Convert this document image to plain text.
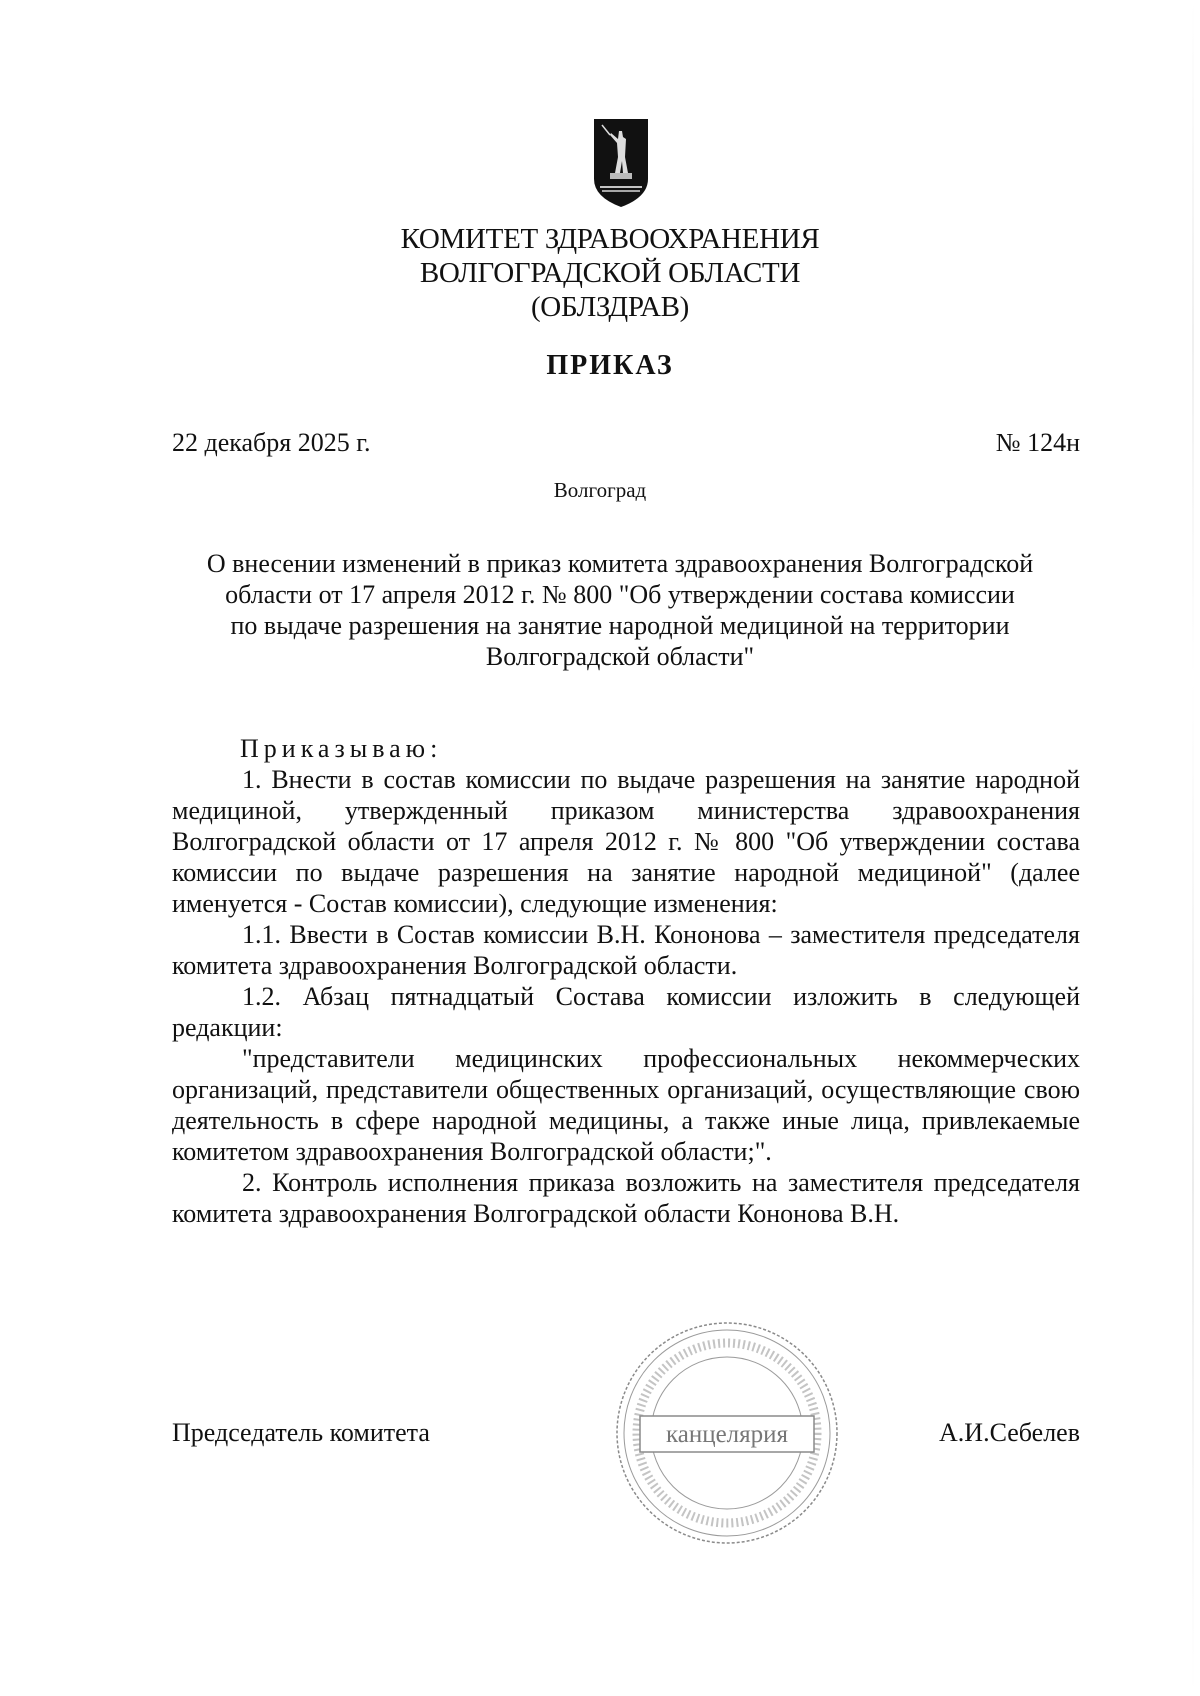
КОМИТЕТ ЗДРАВООХРАНЕНИЯ
ВОЛГОГРАДСКОЙ ОБЛАСТИ
(ОБЛЗДРАВ)
ПРИКАЗ
22 декабря 2025 г.	№ 124н
Волгоград
О внесении изменений в приказ комитета здравоохранения Волгоградской
области от 17 апреля 2012 г. № 800 "Об утверждении состава комиссии
по выдаче разрешения на занятие народной медициной на территории
Волгоградской области"
Приказываю:

1. Внести в состав комиссии по выдаче разрешения на занятие народной медициной, утвержденный приказом министерства здравоохранения Волгоградской области от 17 апреля 2012 г. № 800 "Об утверждении состава комиссии по выдаче разрешения на занятие народной медициной" (далее именуется - Состав комиссии), следующие изменения:

1.1. Ввести в Состав комиссии В.Н. Кононова – заместителя председателя комитета здравоохранения Волгоградской области.

1.2. Абзац пятнадцатый Состава комиссии изложить в следующей редакции:

"представители медицинских профессиональных некоммерческих организаций, представители общественных организаций, осуществляющие свою деятельность в сфере народной медицины, а также иные лица, привлекаемые комитетом здравоохранения Волгоградской области;".

2. Контроль исполнения приказа возложить на заместителя председателя комитета здравоохранения Волгоградской области Кононова В.Н.

Председатель комитета	А.И.Себелев
канцелярия
